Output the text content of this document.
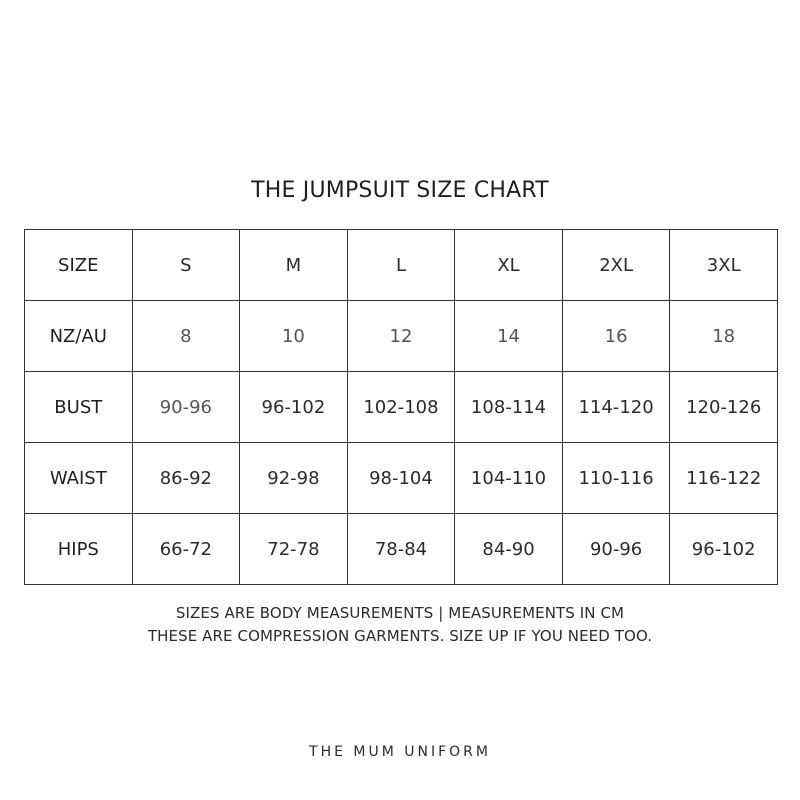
THE JUMPSUIT SIZE CHART
SIZE	S	M	L	XL	2XL	3XL
NZ/AU	8	10	12	14	16	18
BUST	90-96	96-102	102-108	108-114	114-120	120-126
WAIST	86-92	92-98	98-104	104-110	110-116	116-122
HIPS	66-72	72-78	78-84	84-90	90-96	96-102
SIZES ARE BODY MEASUREMENTS | MEASUREMENTS IN CM
THESE ARE COMPRESSION GARMENTS. SIZE UP IF YOU NEED TOO.
THE MUM UNIFORM
